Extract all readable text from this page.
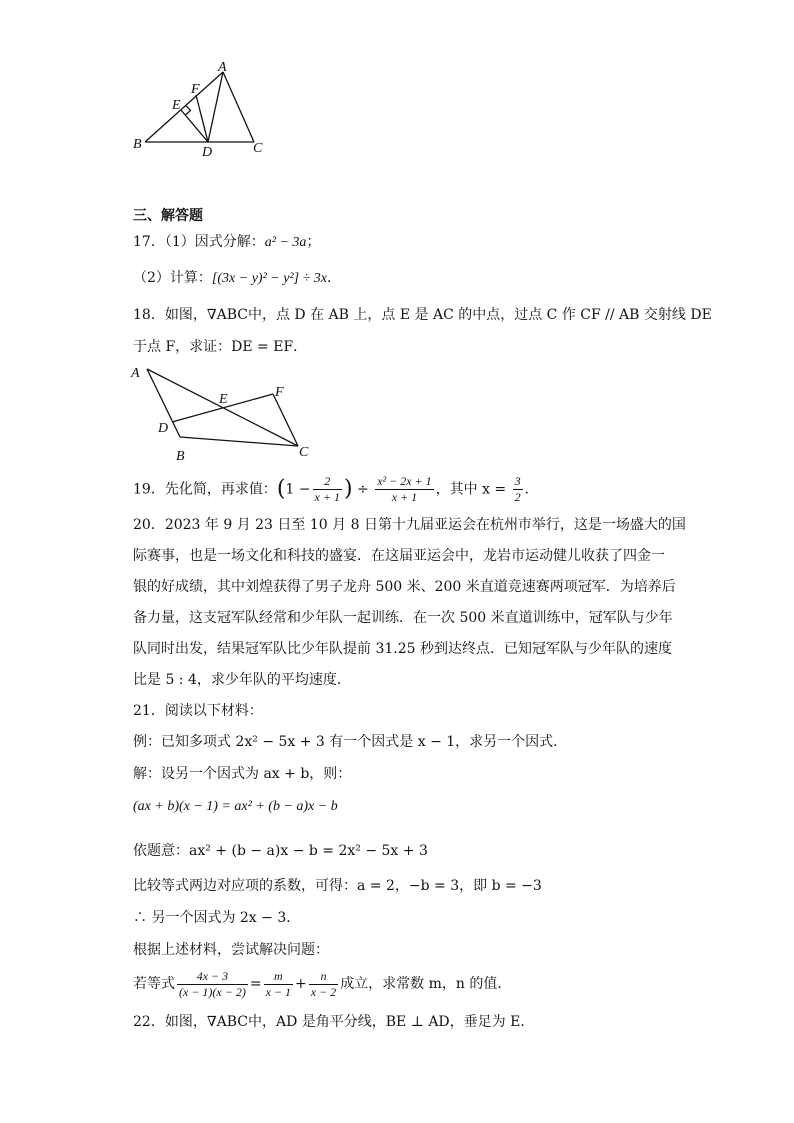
A
F
E
B
D	C
三、解答题
17．（1）因式分解：a² − 3a；
（2）计算：[(3x − y)² − y²] ÷ 3x．
18．如图，∇ABC中，点 D 在 AB 上，点 E 是 AC 的中点，过点 C 作 CF // AB 交射线 DE
于点 F，求证：DE = EF．
A
E	F
D
B	C
19．先化简，再求值：($1 - \frac{2}{x + 1}$ ) ÷ $\frac{\text{x² − 2x + 1}}{x + 1}$ ，其中 $x = \frac{3}{2}$ ．
20．2023 年 9 月 23 日至 10 月 8 日第十九届亚运会在杭州市举行，这是一场盛大的国
际赛事，也是一场文化和科技的盛宴．在这届亚运会中，龙岩市运动健儿收获了四金一
银的好成绩，其中刘煌获得了男子龙舟 500 米、200 米直道竞速赛两项冠军．为培养后
备力量，这支冠军队经常和少年队一起训练．在一次 500 米直道训练中，冠军队与少年
队同时出发，结果冠军队比少年队提前 31.25 秒到达终点．已知冠军队与少年队的速度
比是 5 : 4，求少年队的平均速度．
21．阅读以下材料：
例：已知多项式 2x² − 5x + 3 有一个因式是 x − 1，求另一个因式．
解：设另一个因式为 ax + b，则：
(ax + b)(x − 1) = ax² + (b − a)x − b
依题意：ax² + (b − a)x − b = 2x² − 5x + 3
比较等式两边对应项的系数，可得：a = 2，−b = 3，即 b = −3
∴ 另一个因式为 2x − 3．
根据上述材料，尝试解决问题：
若等式 $\frac{4x - 3}{(x - 1)(x - 2)} = \frac{m}{x - 1} + \frac{n}{x - 2}$ 成立，求常数 m，n 的值．
22．如图，∇ABC中，AD 是角平分线，BE ⊥ AD，垂足为 E．
